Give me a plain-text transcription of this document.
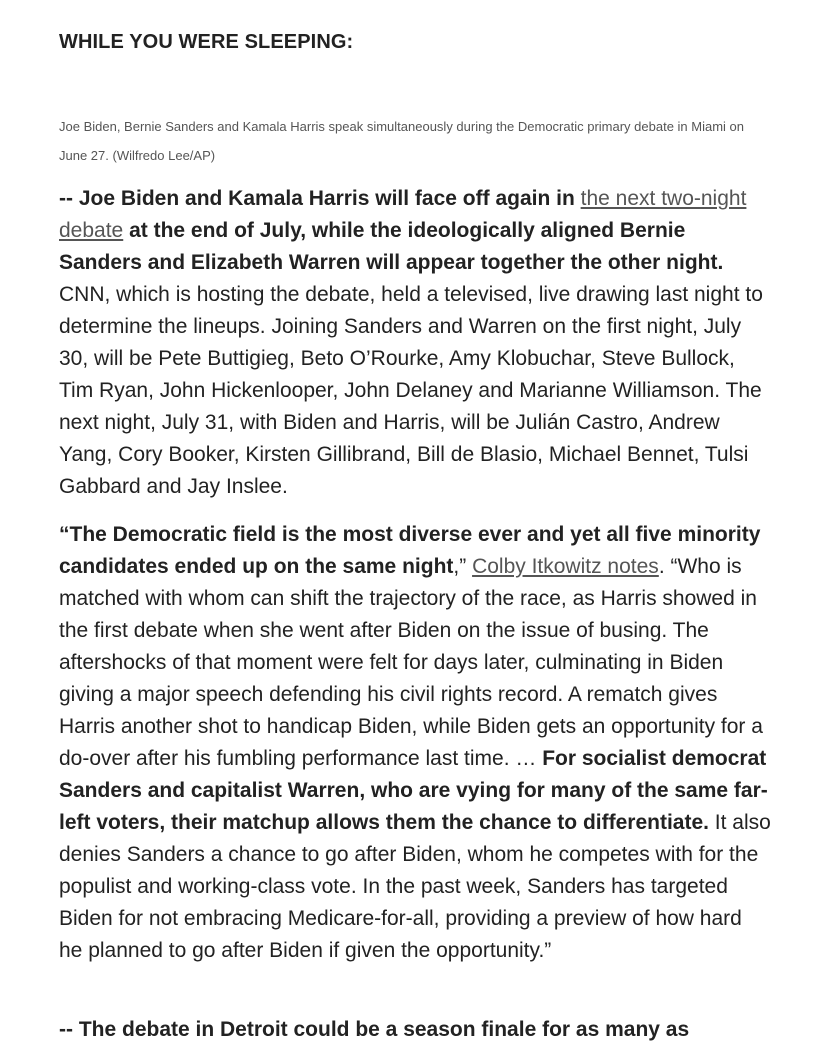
WHILE YOU WERE SLEEPING:

Joe Biden, Bernie Sanders and Kamala Harris speak simultaneously during the Democratic primary debate in Miami on June 27. (Wilfredo Lee/AP)

-- Joe Biden and Kamala Harris will face off again in the next two-night debate at the end of July, while the ideologically aligned Bernie Sanders and Elizabeth Warren will appear together the other night. CNN, which is hosting the debate, held a televised, live drawing last night to determine the lineups. Joining Sanders and Warren on the first night, July 30, will be Pete Buttigieg, Beto O’Rourke, Amy Klobuchar, Steve Bullock, Tim Ryan, John Hickenlooper, John Delaney and Marianne Williamson. The next night, July 31, with Biden and Harris, will be Julián Castro, Andrew Yang, Cory Booker, Kirsten Gillibrand, Bill de Blasio, Michael Bennet, Tulsi Gabbard and Jay Inslee.

“The Democratic field is the most diverse ever and yet all five minority candidates ended up on the same night,” Colby Itkowitz notes. “Who is matched with whom can shift the trajectory of the race, as Harris showed in the first debate when she went after Biden on the issue of busing. The aftershocks of that moment were felt for days later, culminating in Biden giving a major speech defending his civil rights record. A rematch gives Harris another shot to handicap Biden, while Biden gets an opportunity for a do-over after his fumbling performance last time. … For socialist democrat Sanders and capitalist Warren, who are vying for many of the same far-left voters, their matchup allows them the chance to differentiate. It also denies Sanders a chance to go after Biden, whom he competes with for the populist and working-class vote. In the past week, Sanders has targeted Biden for not embracing Medicare-for-all, providing a preview of how hard he planned to go after Biden if given the opportunity.”

-- The debate in Detroit could be a season finale for as many as
